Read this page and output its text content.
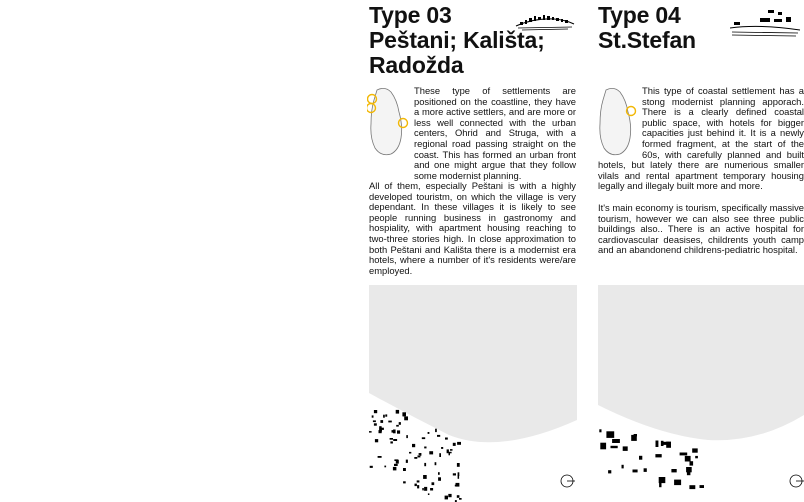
Type 03
Peštani; Kališta;
Radožda

These type of settlements are positioned on the coastline, they have a more active settlers, and are more or less well connected with the urban centers, Ohrid and Struga, with a regional road passing straight on the coast. This has formed an urban front and one might argue that they follow some modernist planning.

All of them, especially Peštani is with a highly developed touristm, on which the village is very dependant. In these villages it is likely to see people running business in gastronomy and hospiality, with apartment housing reaching to two-three stories high. In close approximation to both Peštani and Kališta there is a modernist era hotels, where a number of it's residents were/are employed.

Type 04
St.Stefan

This type of coastal settlement has a stong modernist planning apporach. There is a clearly defined coastal public space, with hotels for bigger capacities just behind it. It is a newly formed fragment, at the start of the 60s, with carefully planned and built hotels, but lately there are numerious smaller vilals and rental apartment temporary housing legally and illegaly built more and more.

It's main economy is tourism, specifically massive tourism, however we can also see three public buildings also.. There is an active hospital for cardiovascular deasises, childrents youth camp and an abandonend childrens-pediatric hospital.
